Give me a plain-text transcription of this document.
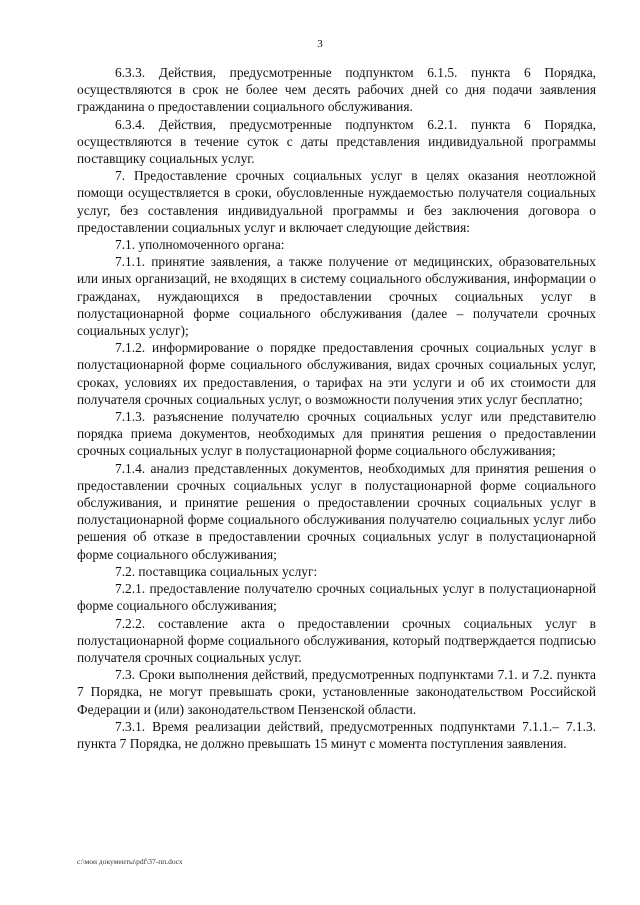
3

6.3.3. Действия, предусмотренные подпунктом 6.1.5. пункта 6 Порядка, осуществляются в срок не более чем десять рабочих дней со дня подачи заявления гражданина о предоставлении социального обслуживания.

6.3.4. Действия, предусмотренные подпунктом 6.2.1. пункта 6 Порядка, осуществляются в течение суток с даты представления индивидуальной программы поставщику социальных услуг.

7. Предоставление срочных социальных услуг в целях оказания неотложной помощи осуществляется в сроки, обусловленные нуждаемостью получателя социальных услуг, без составления индивидуальной программы и без заключения договора о предоставлении социальных услуг и включает следующие действия:

7.1. уполномоченного органа:

7.1.1. принятие заявления, а также получение от медицинских, образовательных или иных организаций, не входящих в систему социального обслуживания, информации о гражданах, нуждающихся в предоставлении срочных социальных услуг в полустационарной форме социального обслуживания (далее – получатели срочных социальных услуг);

7.1.2. информирование о порядке предоставления срочных социальных услуг в полустационарной форме социального обслуживания, видах срочных социальных услуг, сроках, условиях их предоставления, о тарифах на эти услуги и об их стоимости для получателя срочных социальных услуг, о возможности получения этих услуг бесплатно;

7.1.3. разъяснение получателю срочных социальных услуг или представителю порядка приема документов, необходимых для принятия решения о предоставлении срочных социальных услуг в полустационарной форме социального обслуживания;

7.1.4. анализ представленных документов, необходимых для принятия решения о предоставлении срочных социальных услуг в полустационарной форме социального обслуживания, и принятие решения о предоставлении срочных социальных услуг в полустационарной форме социального обслуживания получателю социальных услуг либо решения об отказе в предоставлении срочных социальных услуг в полустационарной форме социального обслуживания;

7.2. поставщика социальных услуг:

7.2.1. предоставление получателю срочных социальных услуг в полустационарной форме социального обслуживания;

7.2.2. составление акта о предоставлении срочных социальных услуг в полустационарной форме социального обслуживания, который подтверждается подписью получателя срочных социальных услуг.

7.3. Сроки выполнения действий, предусмотренных подпунктами 7.1. и 7.2. пункта 7 Порядка, не могут превышать сроки, установленные законодательством Российской Федерации и (или) законодательством Пензенской области.

7.3.1. Время реализации действий, предусмотренных подпунктами 7.1.1.– 7.1.3. пункта 7 Порядка, не должно превышать 15 минут с момента поступления заявления.

c:\мои документы\pdf\37-пп.docx
